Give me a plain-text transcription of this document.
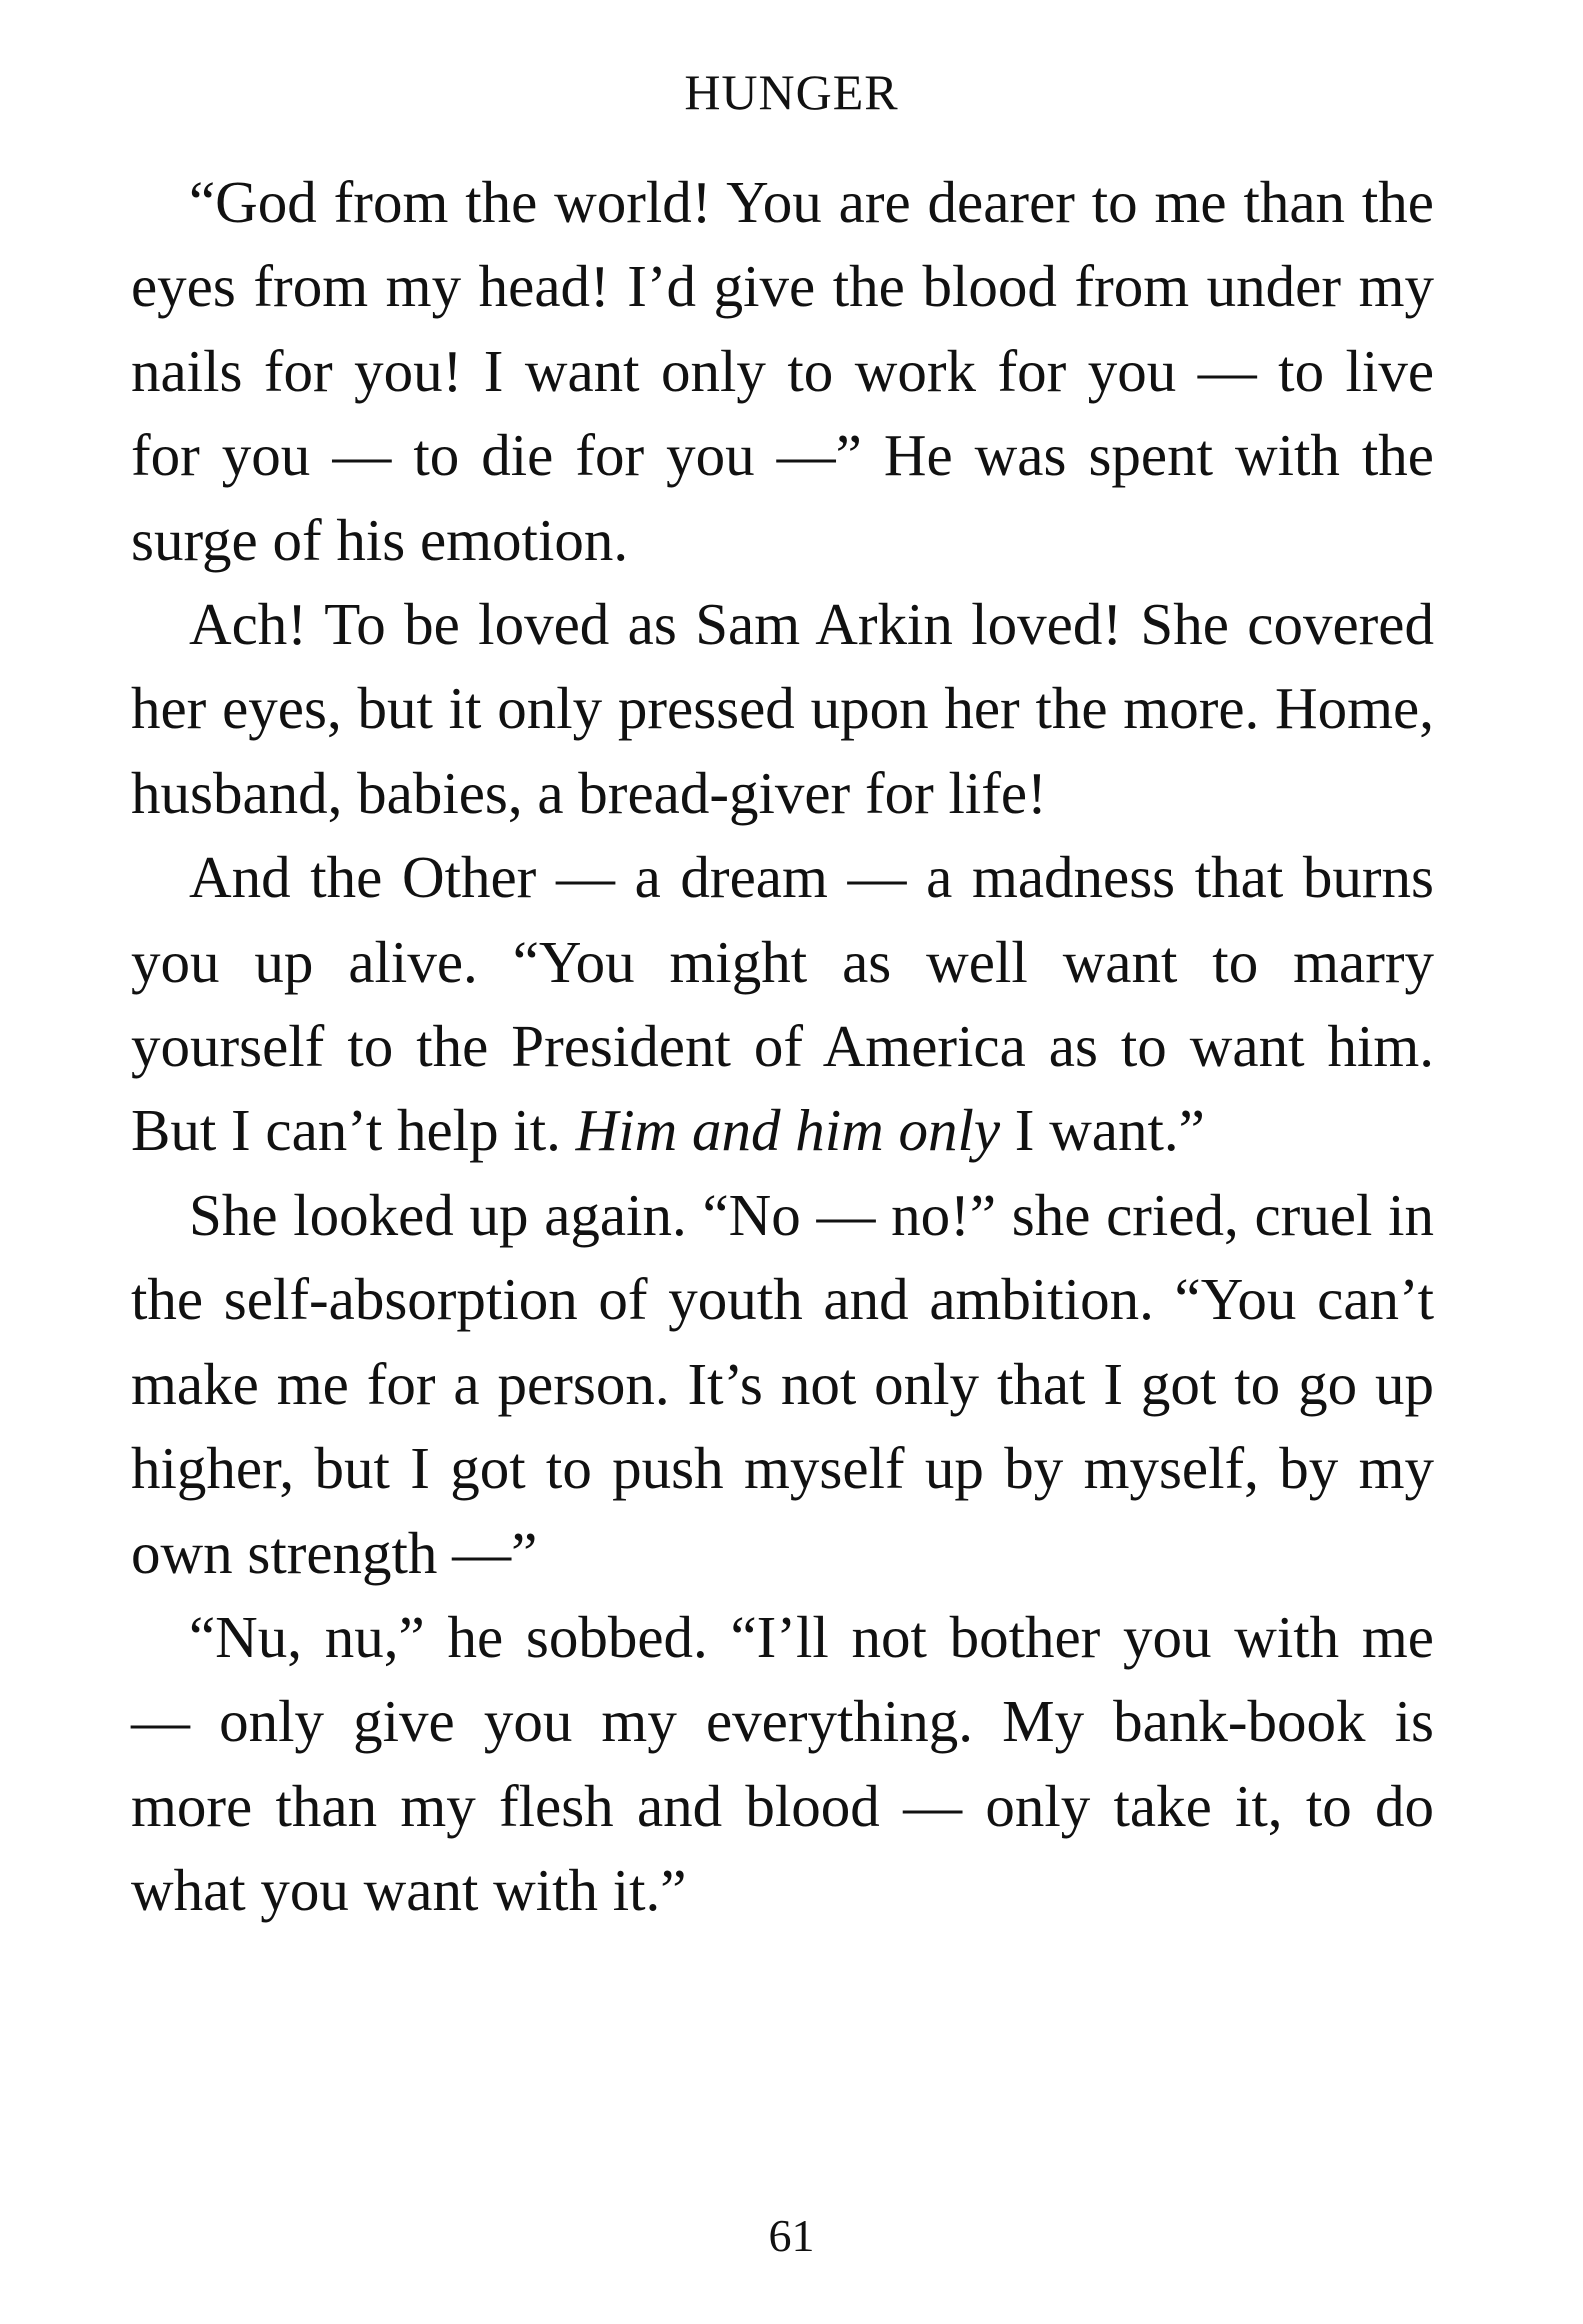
HUNGER

“God from the world! You are dearer to me than the eyes from my head! I’d give the blood from under my nails for you! I want only to work for you — to live for you — to die for you —” He was spent with the surge of his emotion.

Ach! To be loved as Sam Arkin loved! She covered her eyes, but it only pressed upon her the more. Home, husband, babies, a bread-giver for life!

And the Other — a dream — a madness that burns you up alive. “You might as well want to marry yourself to the President of America as to want him. But I can’t help it. Him and him only I want.”

She looked up again. “No — no!” she cried, cruel in the self-absorption of youth and ambition. “You can’t make me for a person. It’s not only that I got to go up higher, but I got to push myself up by myself, by my own strength —”

“Nu, nu,” he sobbed. “I’ll not bother you with me — only give you my everything. My bank-book is more than my flesh and blood — only take it, to do what you want with it.”

61
